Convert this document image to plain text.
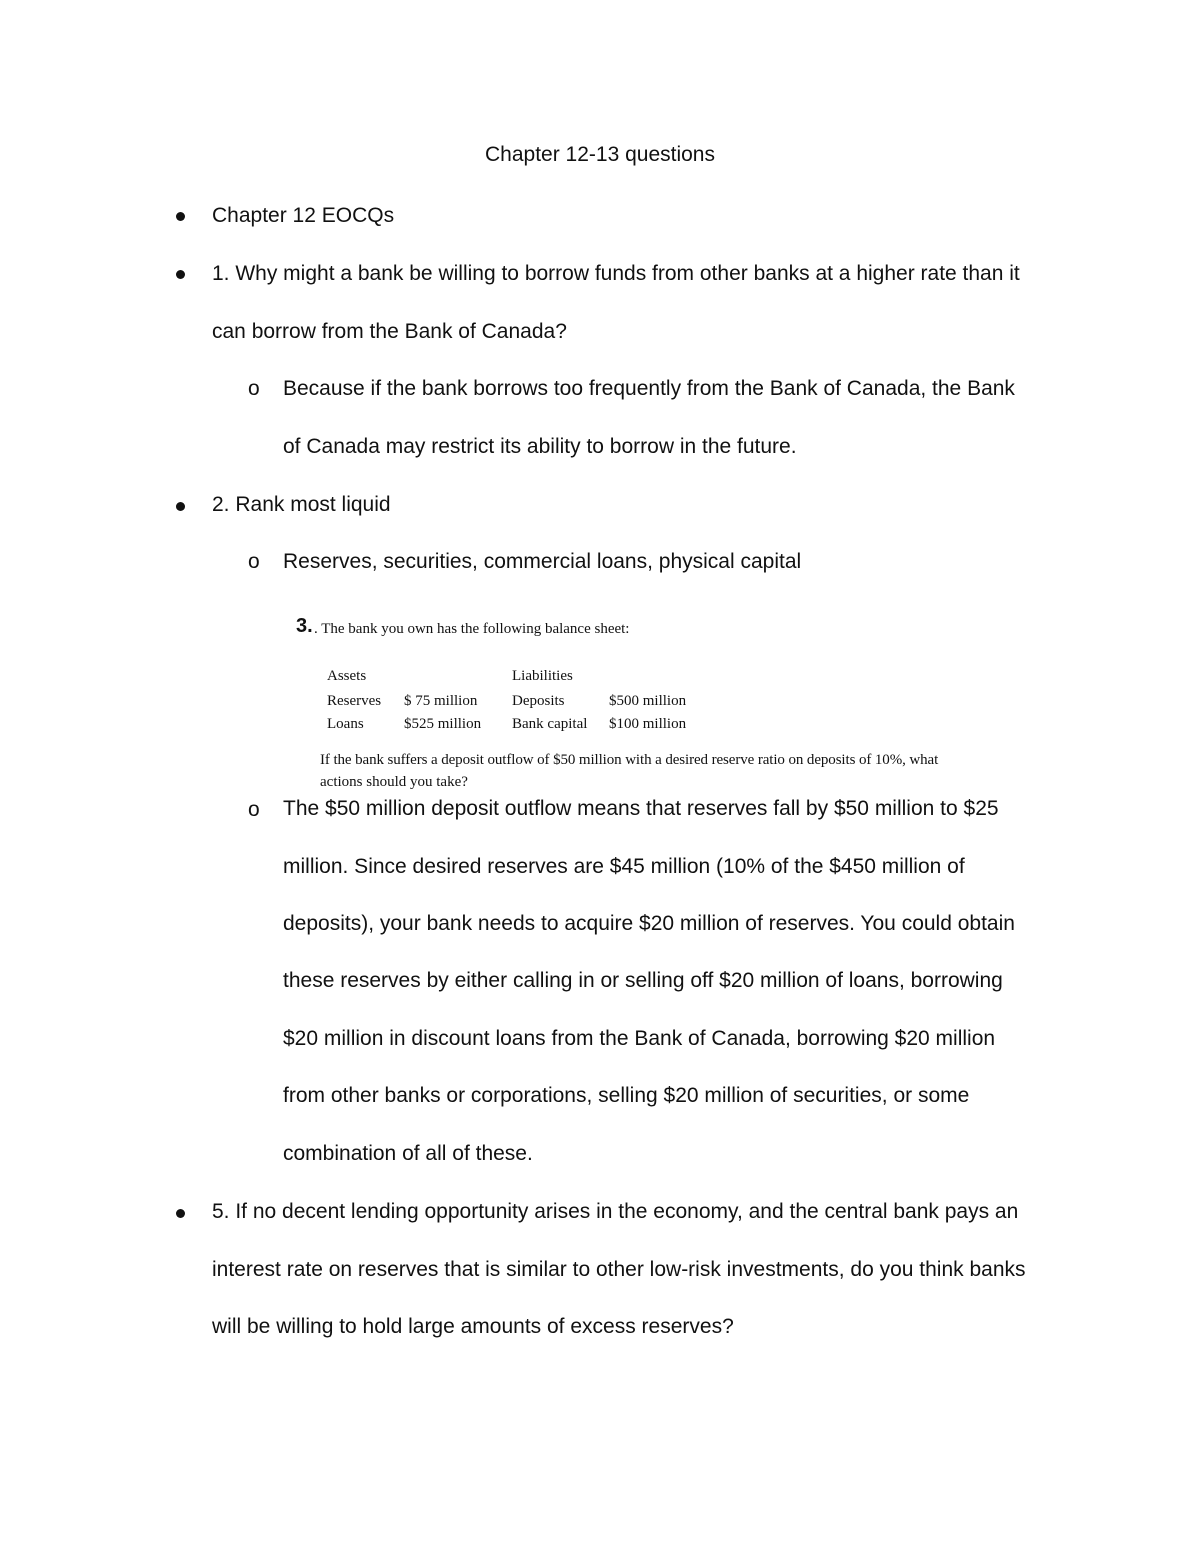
Chapter 12-13 questions
Chapter 12 EOCQs
1. Why might a bank be willing to borrow funds from other banks at a higher rate than it
can borrow from the Bank of Canada?
o Because if the bank borrows too frequently from the Bank of Canada, the Bank
of Canada may restrict its ability to borrow in the future.
2. Rank most liquid
o Reserves, securities, commercial loans, physical capital
3. . The bank you own has the following balance sheet:
Assets		Liabilities	
Reserves	$ 75 million	Deposits	$500 million
Loans	$525 million	Bank capital	$100 million
If the bank suffers a deposit outflow of $50 million with a desired reserve ratio on deposits of 10%, what
actions should you take?
o The $50 million deposit outflow means that reserves fall by $50 million to $25
million. Since desired reserves are $45 million (10% of the $450 million of
deposits), your bank needs to acquire $20 million of reserves. You could obtain
these reserves by either calling in or selling off $20 million of loans, borrowing
$20 million in discount loans from the Bank of Canada, borrowing $20 million
from other banks or corporations, selling $20 million of securities, or some
combination of all of these.
5. If no decent lending opportunity arises in the economy, and the central bank pays an
interest rate on reserves that is similar to other low-risk investments, do you think banks
will be willing to hold large amounts of excess reserves?
